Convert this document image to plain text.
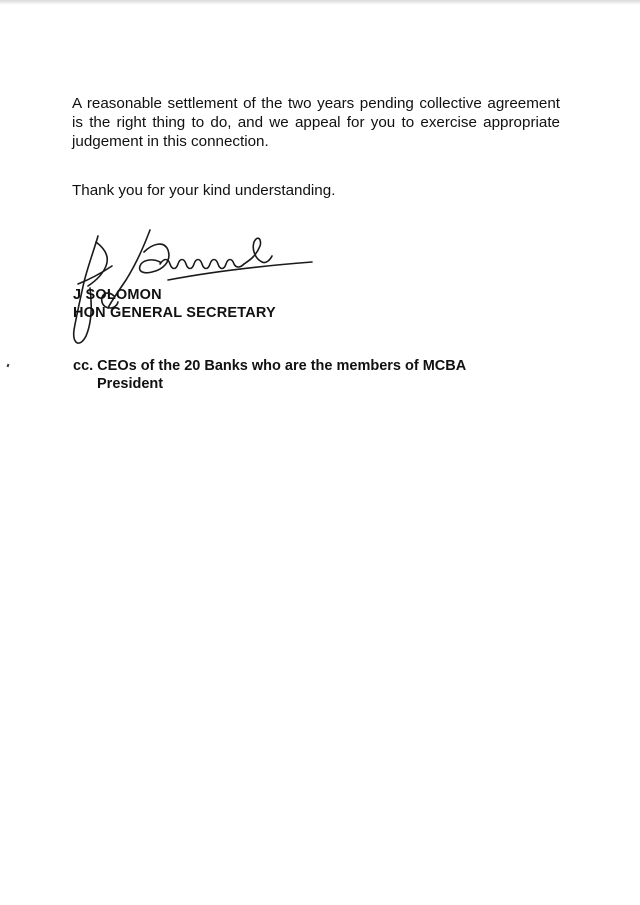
A reasonable settlement of the two years pending collective agreement is the right thing to do, and we appeal for you to exercise appropriate judgement in this connection.
Thank you for your kind understanding.
J SOLOMON
HON GENERAL SECRETARY
cc. CEOs of the 20 Banks who are the members of MCBA
President
